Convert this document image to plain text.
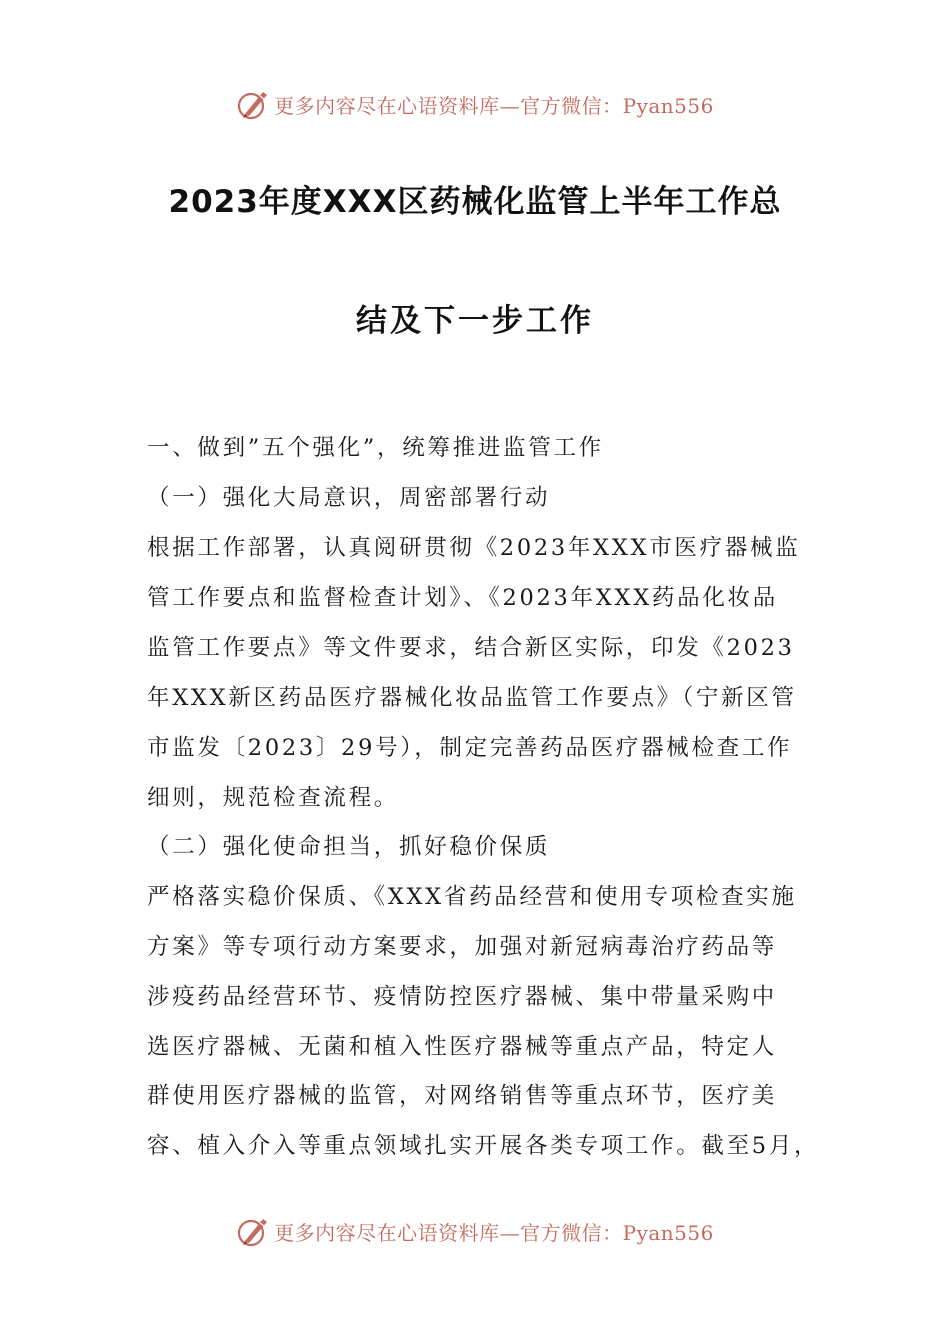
更多内容尽在心语资料库—官方微信：Pyan556
2023年度XXX区药械化监管上半年工作总
结及下一步工作
一、做到”五个强化”，统筹推进监管工作
（一）强化大局意识，周密部署行动
根据工作部署，认真阅研贯彻《2023年XXX市医疗器械监
管工作要点和监督检查计划》、《2023年XXX药品化妆品
监管工作要点》等文件要求，结合新区实际，印发《2023
年XXX新区药品医疗器械化妆品监管工作要点》（宁新区管
市监发〔2023〕29号），制定完善药品医疗器械检查工作
细则，规范检查流程。
（二）强化使命担当，抓好稳价保质
严格落实稳价保质、《XXX省药品经营和使用专项检查实施
方案》等专项行动方案要求，加强对新冠病毒治疗药品等
涉疫药品经营环节、疫情防控医疗器械、集中带量采购中
选医疗器械、无菌和植入性医疗器械等重点产品，特定人
群使用医疗器械的监管，对网络销售等重点环节，医疗美
容、植入介入等重点领域扎实开展各类专项工作。截至5月，
更多内容尽在心语资料库—官方微信：Pyan556
